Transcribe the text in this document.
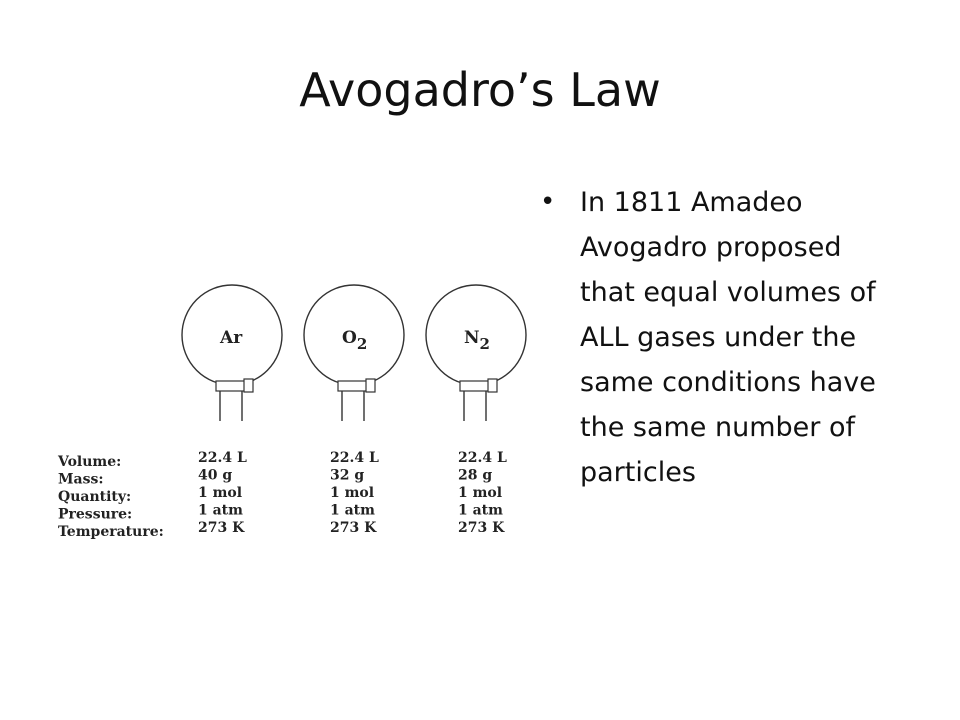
Avogadro’s Law
• In 1811 Amadeo Avogadro proposed that equal volumes of ALL gases under the same conditions have the same number of particles
Ar	O2	N2
Volume:
Mass:
Quantity:
Pressure:
Temperature:
22.4 L
40 g
1 mol
1 atm
273 K
22.4 L
32 g
1 mol
1 atm
273 K
22.4 L
28 g
1 mol
1 atm
273 K
